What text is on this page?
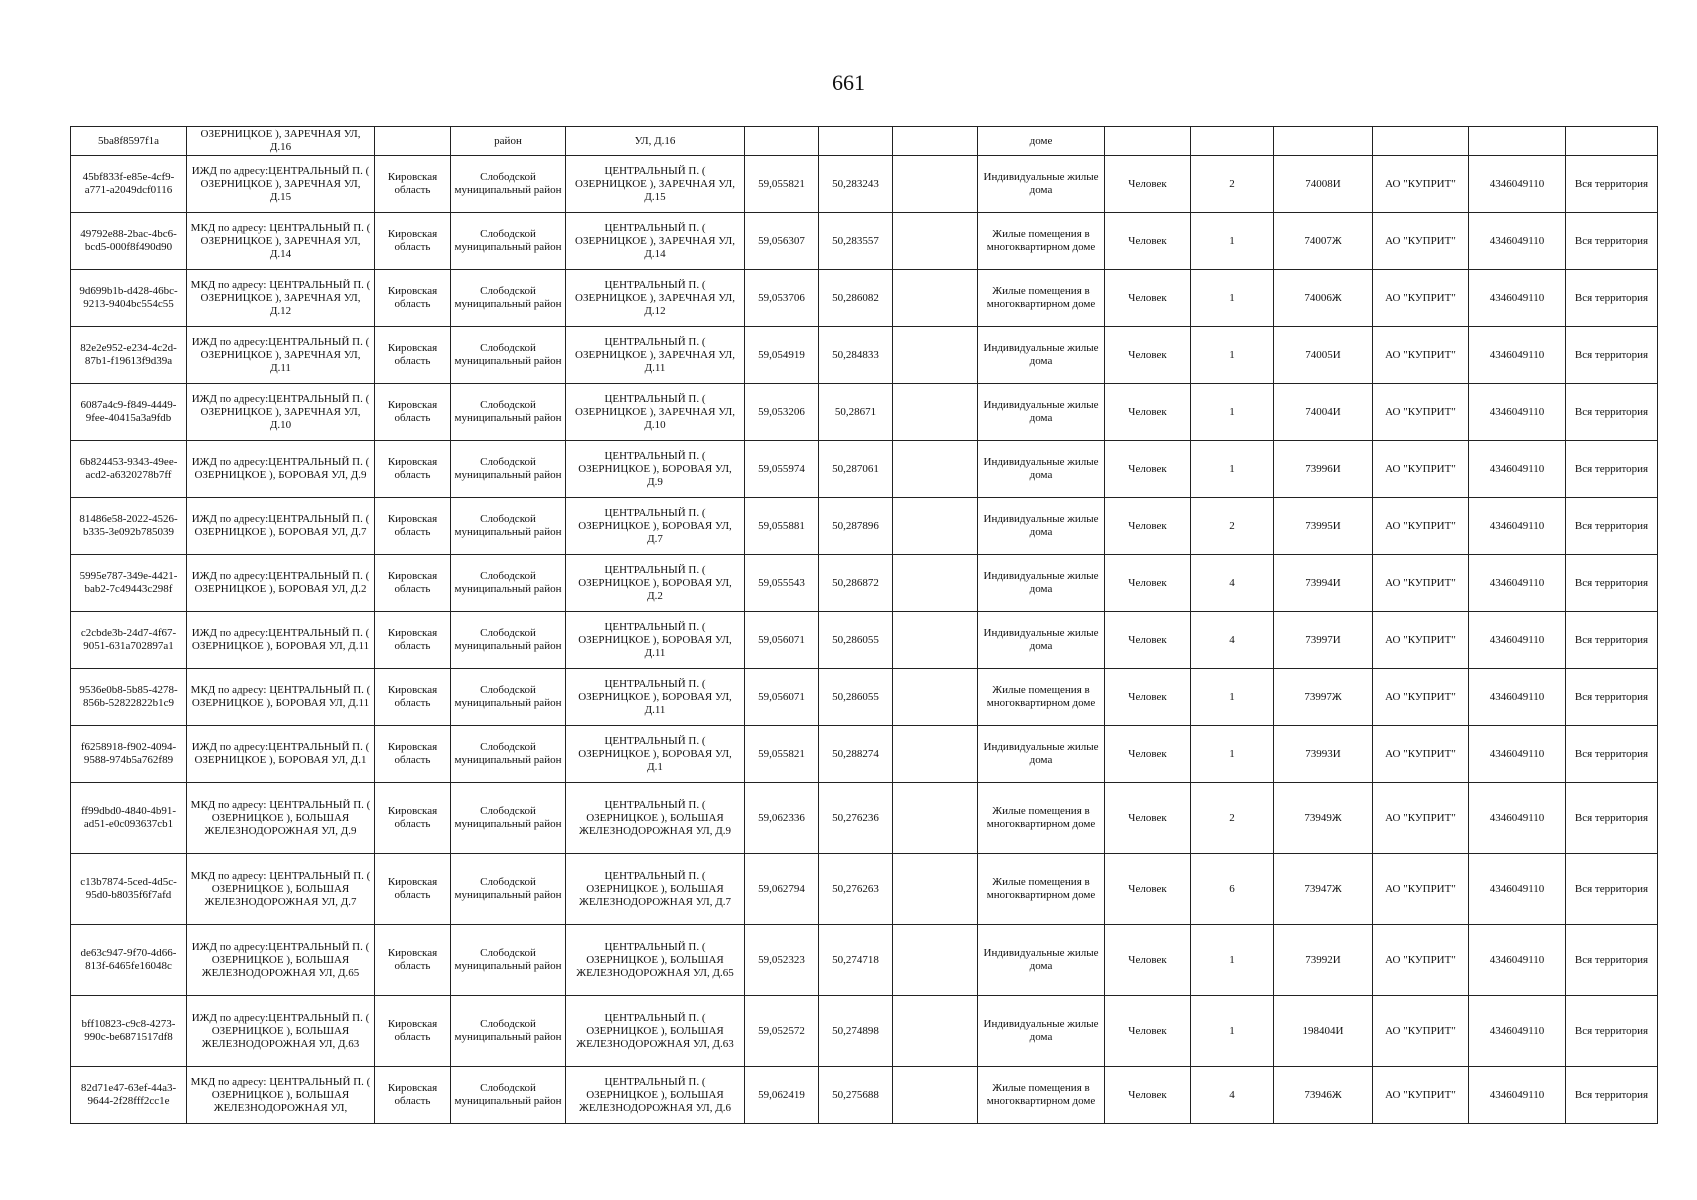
661
5ba8f8597f1a	ОЗЕРНИЦКОЕ ), ЗАРЕЧНАЯ УЛ, Д.16		район	УЛ, Д.16				доме						
45bf833f-e85e-4cf9-a771-a2049dcf0116	ИЖД по адресу:ЦЕНТРАЛЬНЫЙ П. ( ОЗЕРНИЦКОЕ ), ЗАРЕЧНАЯ УЛ, Д.15	Кировская область	Слободской муниципальный район	ЦЕНТРАЛЬНЫЙ П. ( ОЗЕРНИЦКОЕ ), ЗАРЕЧНАЯ УЛ, Д.15	59,055821	50,283243		Индивидуальные жилые дома	Человек	2	74008И	АО "КУПРИТ"	4346049110	Вся территория
49792e88-2bac-4bc6-bcd5-000f8f490d90	МКД по адресу: ЦЕНТРАЛЬНЫЙ П. ( ОЗЕРНИЦКОЕ ), ЗАРЕЧНАЯ УЛ, Д.14	Кировская область	Слободской муниципальный район	ЦЕНТРАЛЬНЫЙ П. ( ОЗЕРНИЦКОЕ ), ЗАРЕЧНАЯ УЛ, Д.14	59,056307	50,283557		Жилые помещения в многоквартирном доме	Человек	1	74007Ж	АО "КУПРИТ"	4346049110	Вся территория
9d699b1b-d428-46bc-9213-9404bc554c55	МКД по адресу: ЦЕНТРАЛЬНЫЙ П. ( ОЗЕРНИЦКОЕ ), ЗАРЕЧНАЯ УЛ, Д.12	Кировская область	Слободской муниципальный район	ЦЕНТРАЛЬНЫЙ П. ( ОЗЕРНИЦКОЕ ), ЗАРЕЧНАЯ УЛ, Д.12	59,053706	50,286082		Жилые помещения в многоквартирном доме	Человек	1	74006Ж	АО "КУПРИТ"	4346049110	Вся территория
82e2e952-e234-4c2d-87b1-f19613f9d39a	ИЖД по адресу:ЦЕНТРАЛЬНЫЙ П. ( ОЗЕРНИЦКОЕ ), ЗАРЕЧНАЯ УЛ, Д.11	Кировская область	Слободской муниципальный район	ЦЕНТРАЛЬНЫЙ П. ( ОЗЕРНИЦКОЕ ), ЗАРЕЧНАЯ УЛ, Д.11	59,054919	50,284833		Индивидуальные жилые дома	Человек	1	74005И	АО "КУПРИТ"	4346049110	Вся территория
6087a4c9-f849-4449-9fee-40415a3a9fdb	ИЖД по адресу:ЦЕНТРАЛЬНЫЙ П. ( ОЗЕРНИЦКОЕ ), ЗАРЕЧНАЯ УЛ, Д.10	Кировская область	Слободской муниципальный район	ЦЕНТРАЛЬНЫЙ П. ( ОЗЕРНИЦКОЕ ), ЗАРЕЧНАЯ УЛ, Д.10	59,053206	50,28671		Индивидуальные жилые дома	Человек	1	74004И	АО "КУПРИТ"	4346049110	Вся территория
6b824453-9343-49ee-acd2-a6320278b7ff	ИЖД по адресу:ЦЕНТРАЛЬНЫЙ П. ( ОЗЕРНИЦКОЕ ), БОРОВАЯ УЛ, Д.9	Кировская область	Слободской муниципальный район	ЦЕНТРАЛЬНЫЙ П. ( ОЗЕРНИЦКОЕ ), БОРОВАЯ УЛ, Д.9	59,055974	50,287061		Индивидуальные жилые дома	Человек	1	73996И	АО "КУПРИТ"	4346049110	Вся территория
81486e58-2022-4526-b335-3e092b785039	ИЖД по адресу:ЦЕНТРАЛЬНЫЙ П. ( ОЗЕРНИЦКОЕ ), БОРОВАЯ УЛ, Д.7	Кировская область	Слободской муниципальный район	ЦЕНТРАЛЬНЫЙ П. ( ОЗЕРНИЦКОЕ ), БОРОВАЯ УЛ, Д.7	59,055881	50,287896		Индивидуальные жилые дома	Человек	2	73995И	АО "КУПРИТ"	4346049110	Вся территория
5995e787-349e-4421-bab2-7c49443c298f	ИЖД по адресу:ЦЕНТРАЛЬНЫЙ П. ( ОЗЕРНИЦКОЕ ), БОРОВАЯ УЛ, Д.2	Кировская область	Слободской муниципальный район	ЦЕНТРАЛЬНЫЙ П. ( ОЗЕРНИЦКОЕ ), БОРОВАЯ УЛ, Д.2	59,055543	50,286872		Индивидуальные жилые дома	Человек	4	73994И	АО "КУПРИТ"	4346049110	Вся территория
c2cbde3b-24d7-4f67-9051-631a702897a1	ИЖД по адресу:ЦЕНТРАЛЬНЫЙ П. ( ОЗЕРНИЦКОЕ ), БОРОВАЯ УЛ, Д.11	Кировская область	Слободской муниципальный район	ЦЕНТРАЛЬНЫЙ П. ( ОЗЕРНИЦКОЕ ), БОРОВАЯ УЛ, Д.11	59,056071	50,286055		Индивидуальные жилые дома	Человек	4	73997И	АО "КУПРИТ"	4346049110	Вся территория
9536e0b8-5b85-4278-856b-52822822b1c9	МКД по адресу: ЦЕНТРАЛЬНЫЙ П. ( ОЗЕРНИЦКОЕ ), БОРОВАЯ УЛ, Д.11	Кировская область	Слободской муниципальный район	ЦЕНТРАЛЬНЫЙ П. ( ОЗЕРНИЦКОЕ ), БОРОВАЯ УЛ, Д.11	59,056071	50,286055		Жилые помещения в многоквартирном доме	Человек	1	73997Ж	АО "КУПРИТ"	4346049110	Вся территория
f6258918-f902-4094-9588-974b5a762f89	ИЖД по адресу:ЦЕНТРАЛЬНЫЙ П. ( ОЗЕРНИЦКОЕ ), БОРОВАЯ УЛ, Д.1	Кировская область	Слободской муниципальный район	ЦЕНТРАЛЬНЫЙ П. ( ОЗЕРНИЦКОЕ ), БОРОВАЯ УЛ, Д.1	59,055821	50,288274		Индивидуальные жилые дома	Человек	1	73993И	АО "КУПРИТ"	4346049110	Вся территория
ff99dbd0-4840-4b91-ad51-e0c093637cb1	МКД по адресу: ЦЕНТРАЛЬНЫЙ П. ( ОЗЕРНИЦКОЕ ), БОЛЬШАЯ ЖЕЛЕЗНОДОРОЖНАЯ УЛ, Д.9	Кировская область	Слободской муниципальный район	ЦЕНТРАЛЬНЫЙ П. ( ОЗЕРНИЦКОЕ ), БОЛЬШАЯ ЖЕЛЕЗНОДОРОЖНАЯ УЛ, Д.9	59,062336	50,276236		Жилые помещения в многоквартирном доме	Человек	2	73949Ж	АО "КУПРИТ"	4346049110	Вся территория
c13b7874-5ced-4d5c-95d0-b8035f6f7afd	МКД по адресу: ЦЕНТРАЛЬНЫЙ П. ( ОЗЕРНИЦКОЕ ), БОЛЬШАЯ ЖЕЛЕЗНОДОРОЖНАЯ УЛ, Д.7	Кировская область	Слободской муниципальный район	ЦЕНТРАЛЬНЫЙ П. ( ОЗЕРНИЦКОЕ ), БОЛЬШАЯ ЖЕЛЕЗНОДОРОЖНАЯ УЛ, Д.7	59,062794	50,276263		Жилые помещения в многоквартирном доме	Человек	6	73947Ж	АО "КУПРИТ"	4346049110	Вся территория
de63c947-9f70-4d66-813f-6465fe16048c	ИЖД по адресу:ЦЕНТРАЛЬНЫЙ П. ( ОЗЕРНИЦКОЕ ), БОЛЬШАЯ ЖЕЛЕЗНОДОРОЖНАЯ УЛ, Д.65	Кировская область	Слободской муниципальный район	ЦЕНТРАЛЬНЫЙ П. ( ОЗЕРНИЦКОЕ ), БОЛЬШАЯ ЖЕЛЕЗНОДОРОЖНАЯ УЛ, Д.65	59,052323	50,274718		Индивидуальные жилые дома	Человек	1	73992И	АО "КУПРИТ"	4346049110	Вся территория
bff10823-c9c8-4273-990c-be6871517df8	ИЖД по адресу:ЦЕНТРАЛЬНЫЙ П. ( ОЗЕРНИЦКОЕ ), БОЛЬШАЯ ЖЕЛЕЗНОДОРОЖНАЯ УЛ, Д.63	Кировская область	Слободской муниципальный район	ЦЕНТРАЛЬНЫЙ П. ( ОЗЕРНИЦКОЕ ), БОЛЬШАЯ ЖЕЛЕЗНОДОРОЖНАЯ УЛ, Д.63	59,052572	50,274898		Индивидуальные жилые дома	Человек	1	198404И	АО "КУПРИТ"	4346049110	Вся территория
82d71e47-63ef-44a3-9644-2f28fff2cc1e	МКД по адресу: ЦЕНТРАЛЬНЫЙ П. ( ОЗЕРНИЦКОЕ ), БОЛЬШАЯ ЖЕЛЕЗНОДОРОЖНАЯ УЛ,	Кировская область	Слободской муниципальный район	ЦЕНТРАЛЬНЫЙ П. ( ОЗЕРНИЦКОЕ ), БОЛЬШАЯ ЖЕЛЕЗНОДОРОЖНАЯ УЛ, Д.6	59,062419	50,275688		Жилые помещения в многоквартирном доме	Человек	4	73946Ж	АО "КУПРИТ"	4346049110	Вся территория
